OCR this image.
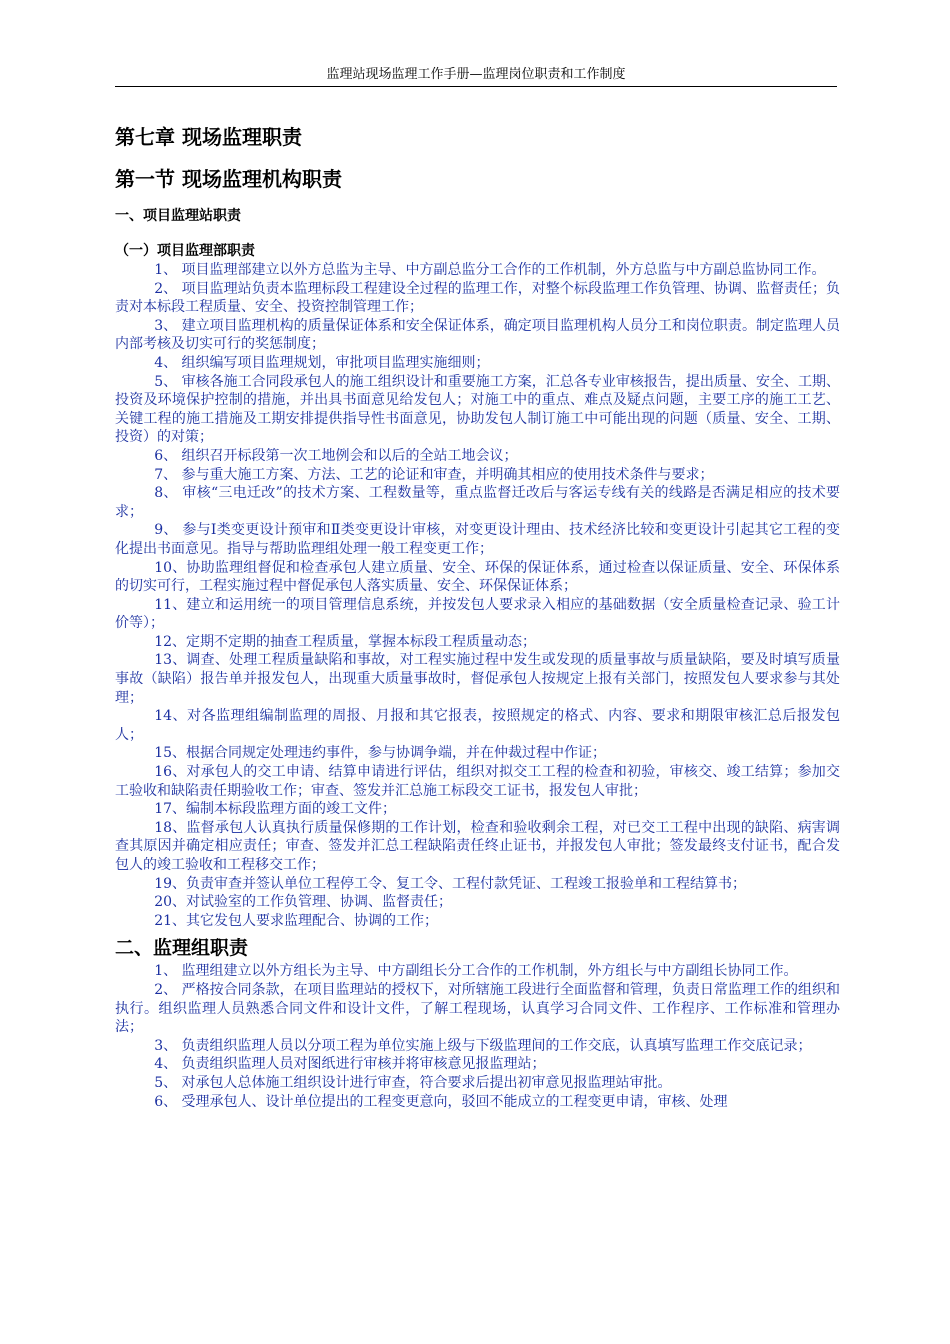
监理站现场监理工作手册—监理岗位职责和工作制度
第七章 现场监理职责
第一节 现场监理机构职责
一、项目监理站职责
（一）项目监理部职责

1、 项目监理部建立以外方总监为主导、中方副总监分工合作的工作机制，外方总监与中方副总监协同工作。

2、 项目监理站负责本监理标段工程建设全过程的监理工作，对整个标段监理工作负管理、协调、监督责任；负责对本标段工程质量、安全、投资控制管理工作；

3、 建立项目监理机构的质量保证体系和安全保证体系，确定项目监理机构人员分工和岗位职责。制定监理人员内部考核及切实可行的奖惩制度；

4、 组织编写项目监理规划，审批项目监理实施细则；

5、 审核各施工合同段承包人的施工组织设计和重要施工方案，汇总各专业审核报告，提出质量、安全、工期、投资及环境保护控制的措施，并出具书面意见给发包人；对施工中的重点、难点及疑点问题，主要工序的施工工艺、关键工程的施工措施及工期安排提供指导性书面意见，协助发包人制订施工中可能出现的问题（质量、安全、工期、投资）的对策；

6、 组织召开标段第一次工地例会和以后的全站工地会议；

7、 参与重大施工方案、方法、工艺的论证和审查，并明确其相应的使用技术条件与要求；

8、 审核“三电迁改”的技术方案、工程数量等，重点监督迁改后与客运专线有关的线路是否满足相应的技术要求；

9、 参与Ⅰ类变更设计预审和Ⅱ类变更设计审核，对变更设计理由、技术经济比较和变更设计引起其它工程的变化提出书面意见。指导与帮助监理组处理一般工程变更工作；

10、协助监理组督促和检查承包人建立质量、安全、环保的保证体系，通过检查以保证质量、安全、环保体系的切实可行，工程实施过程中督促承包人落实质量、安全、环保保证体系；

11、建立和运用统一的项目管理信息系统，并按发包人要求录入相应的基础数据（安全质量检查记录、验工计价等）；

12、定期不定期的抽查工程质量，掌握本标段工程质量动态；

13、调查、处理工程质量缺陷和事故，对工程实施过程中发生或发现的质量事故与质量缺陷，要及时填写质量事故（缺陷）报告单并报发包人，出现重大质量事故时，督促承包人按规定上报有关部门，按照发包人要求参与其处理；

14、对各监理组编制监理的周报、月报和其它报表，按照规定的格式、内容、要求和期限审核汇总后报发包人；

15、根据合同规定处理违约事件，参与协调争端，并在仲裁过程中作证；

16、对承包人的交工申请、结算申请进行评估，组织对拟交工工程的检查和初验，审核交、竣工结算；参加交工验收和缺陷责任期验收工作；审查、签发并汇总施工标段交工证书，报发包人审批；

17、编制本标段监理方面的竣工文件；

18、监督承包人认真执行质量保修期的工作计划，检查和验收剩余工程，对已交工工程中出现的缺陷、病害调查其原因并确定相应责任；审查、签发并汇总工程缺陷责任终止证书，并报发包人审批；签发最终支付证书，配合发包人的竣工验收和工程移交工作；

19、负责审查并签认单位工程停工令、复工令、工程付款凭证、工程竣工报验单和工程结算书；

20、对试验室的工作负管理、协调、监督责任；

21、其它发包人要求监理配合、协调的工作；

二、监理组职责

1、 监理组建立以外方组长为主导、中方副组长分工合作的工作机制，外方组长与中方副组长协同工作。

2、 严格按合同条款，在项目监理站的授权下，对所辖施工段进行全面监督和管理，负责日常监理工作的组织和执行。组织监理人员熟悉合同文件和设计文件，了解工程现场，认真学习合同文件、工作程序、工作标准和管理办法；

3、 负责组织监理人员以分项工程为单位实施上级与下级监理间的工作交底，认真填写监理工作交底记录；

4、 负责组织监理人员对图纸进行审核并将审核意见报监理站；

5、 对承包人总体施工组织设计进行审查，符合要求后提出初审意见报监理站审批。

6、 受理承包人、设计单位提出的工程变更意向，驳回不能成立的工程变更申请，审核、处理
